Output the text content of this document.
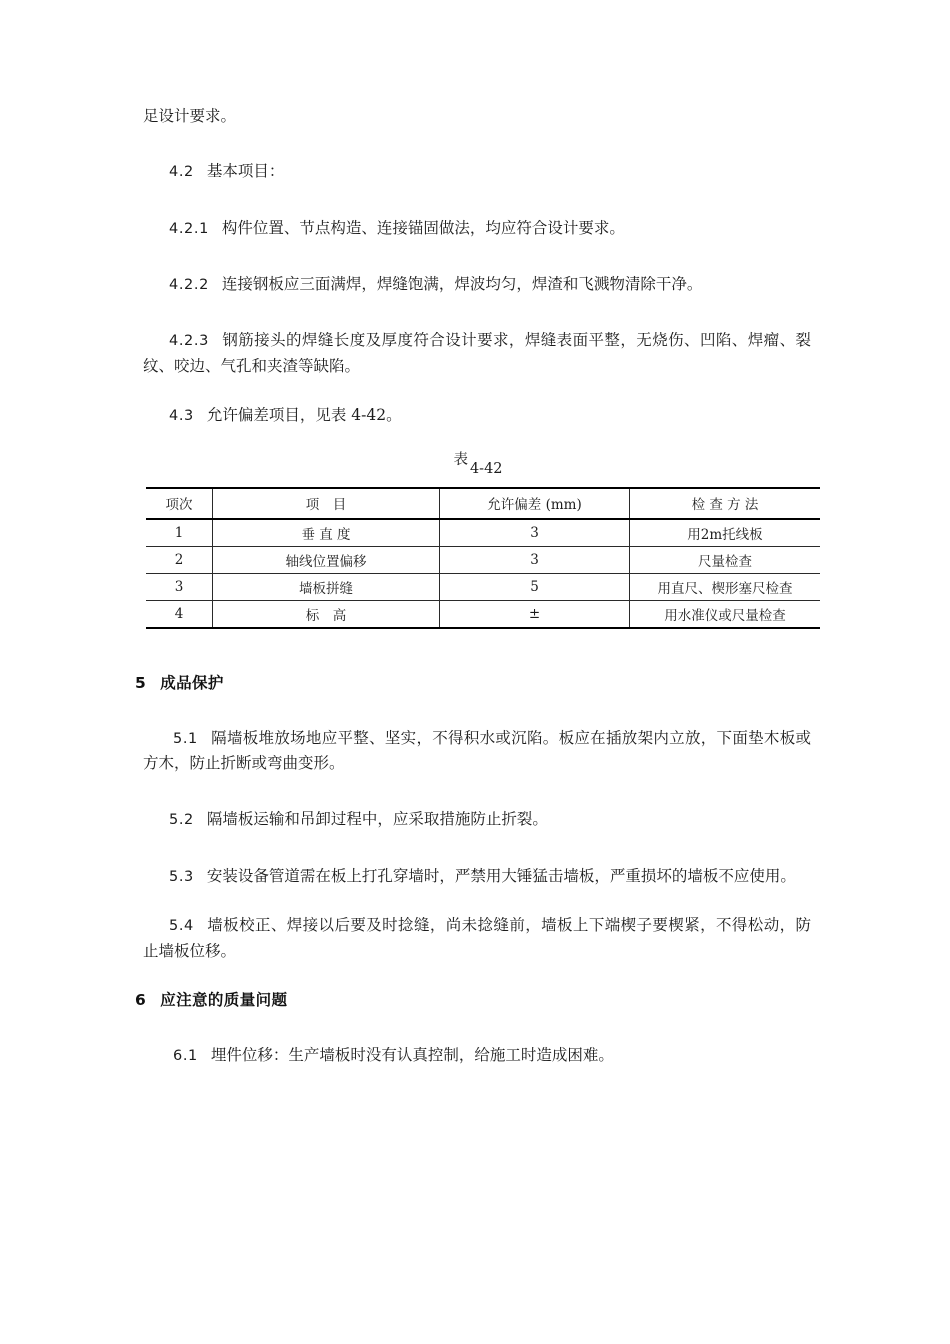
足设计要求。

4.2 基本项目：

4.2.1 构件位置、节点构造、连接锚固做法，均应符合设计要求。

4.2.2 连接钢板应三面满焊，焊缝饱满，焊波均匀，焊渣和飞溅物清除干净。

4.2.3 钢筋接头的焊缝长度及厚度符合设计要求，焊缝表面平整，无烧伤、凹陷、焊瘤、裂纹、咬边、气孔和夹渣等缺陷。

4.3 允许偏差项目，见表 4-42。

表4-42
项次	项　目	允许偏差 (mm)	检 查 方 法
1	垂 直 度	3	用2m托线板
2	轴线位置偏移	3	尺量检查
3	墙板拼缝	5	用直尺、楔形塞尺检查
4	标　高	±	用水准仪或尺量检查

5 成品保护

5.1 隔墙板堆放场地应平整、坚实，不得积水或沉陷。板应在插放架内立放，下面垫木板或方木，防止折断或弯曲变形。

5.2 隔墙板运输和吊卸过程中，应采取措施防止折裂。

5.3 安装设备管道需在板上打孔穿墙时，严禁用大锤猛击墙板，严重损坏的墙板不应使用。

5.4 墙板校正、焊接以后要及时捻缝，尚未捻缝前，墙板上下端楔子要楔紧，不得松动，防止墙板位移。

6 应注意的质量问题

6.1 埋件位移：生产墙板时没有认真控制，给施工时造成困难。
